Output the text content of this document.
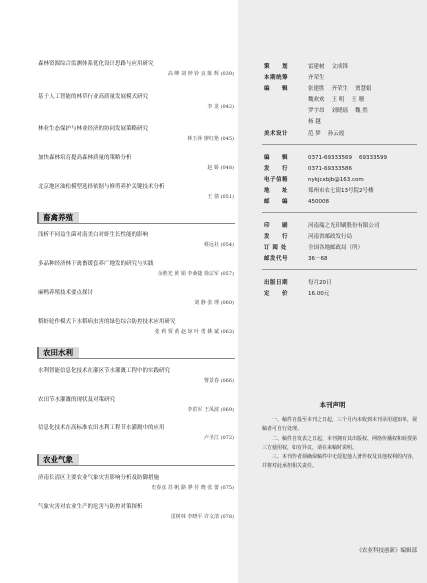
森林资源综合监测体系优化设计思路与应用研究
高 峰 刘 钟 铃 良 陈 辉 (039)
基于人工智能的林草行业高质量发展模式研究
李 龙 (042)
林业生态保护与林业经济的协同发展策略研究
林玉萍 廖红艳 (045)
加快森林培育提高森林质量的策略分析
赵 娇 (048)
北京地区油松模型选择依据与修剪养护关键技术分析
王 倩 (051)
畜禽养殖
浅析不同益生菌对南美白对虾生长性能的影响
蔡远社 (054)
多品种经济林下禽畜缓套养广地发的研究与实践
余胜光 黄 娟 李桑捷 徐宗军 (057)
麻鸭养殖技术要点探讨
刘 静 张 理 (060)
稻虾轮作模式下水稻病虫害的绿色综合防控技术应用研究
张 莉 贾 黄 赵 琼 叶 勇 姚 斌 (063)
农田水利
水利智能信息化技术在灌区节水灌溉工程中的实践研究
曹景春 (066)
农田节水灌溉的现状及对策研究
李洪军 王凤波 (069)
信息化技术在高标准农田水利工程节水灌溉中的应用
卢圣江 (072)
农业气象
济南长清区主要农业气象灾害影响分析及防御措施
史春彦 苏 帆 路 骅 付 晓 张 蕾 (075)
气象灾害对农业生产的危害与防控对策探析
雷树林 李晓平 许文清 (078)
策　　划	雷建树 文成锋
本期统筹	齐荣生
编　　辑	张建胜 齐荣生 贾慧娟
魏欢欢 王 明 王 珊
罗宇昂 刘晓瑶 魏 然
杨 越
美术设计	范 梦 孙云霞
编　　辑	0371-69333569 69333599
发　　行	0371-69333586
电子信箱	nykjcxbjb@163.com
地　　址	郑州市农七街13号院2号楼
邮　　编	450008
印　　刷	河南瑞之光印刷股份有限公司
发　　行	河南省邮政发行局
订 阅 处	全国各地邮政局（所）
邮发代号	36－68
出版日期	每月20日
定　　价	16.00元
本刊声明

一、稿件自投至本刊之日起，三个月内未收到本刊录用通知单，视稿者可自行处理。

二、稿件自发表之日起，本刊拥有其出版权、网络传播权和转授第三方使用权，如有异议，请在来稿时说明。

三、本刊作者须确保稿件中无侵犯他人著作权及其他权利的内容，并将对此承担相关责任。

《农业科技创新》编辑部
